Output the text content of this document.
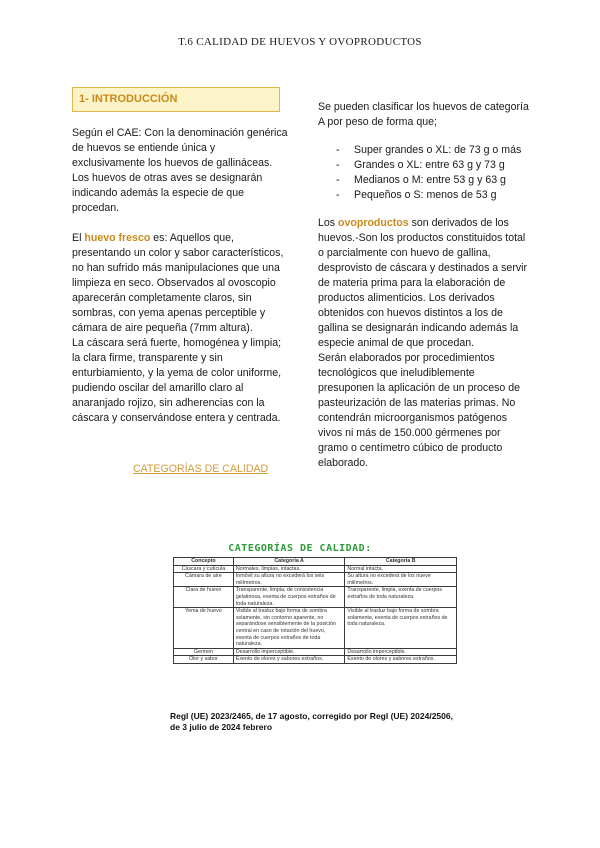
T.6 CALIDAD DE HUEVOS Y OVOPRODUCTOS
1- INTRODUCCIÓN

Según el CAE: Con la denominación genérica de huevos se entiende única y exclusivamente los huevos de gallináceas. Los huevos de otras aves se designarán indicando además la especie de que procedan.

El huevo fresco es: Aquellos que, presentando un color y sabor característicos, no han sufrido más manipulaciones que una limpieza en seco. Observados al ovoscopio aparecerán completamente claros, sin sombras, con yema apenas perceptible y cámara de aire pequeña (7mm altura).

La cáscara será fuerte, homogénea y limpia; la clara firme, transparente y sin enturbiamiento, y la yema de color uniforme, pudiendo oscilar del amarillo claro al anaranjado rojizo, sin adherencias con la cáscara y conservándose entera y centrada.

CATEGORÍAS DE CALIDAD

Se pueden clasificar los huevos de categoría A por peso de forma que;

- Super grandes o XL: de 73 g o más
- Grandes o XL: entre 63 g y 73 g
- Medianos o M: entre 53 g y 63 g
- Pequeños o S: menos de 53 g

Los ovoproductos son derivados de los huevos.-Son los productos constituidos total o parcialmente con huevo de gallina, desprovisto de cáscara y destinados a servir de materia prima para la elaboración de productos alimenticios. Los derivados obtenidos con huevos distintos a los de gallina se designarán indicando además la especie animal de que procedan.

Serán elaborados por procedimientos tecnológicos que ineludiblemente presuponen la aplicación de un proceso de pasteurización de las materias primas. No contendrán microorganismos patógenos vivos ni más de 150.000 gérmenes por gramo o centímetro cúbico de producto elaborado.

CATEGORÍAS DE CALIDAD:
Concepto	Categoría A	Categoría B
Cáscara y cutícula	Normales, limpias, intactas.	Normal intacta.
Cámara de aire	Inmóvil su altura no excederá los seis milímetros.	Su altura no excederá de los nueve milímetros.
Clara de huevo	Transparente, limpia, de consistencia gelatinosa, exenta de cuerpos extraños de toda naturaleza.	Transparente, limpia, exenta de cuerpos extraños de toda naturaleza.
Yema de huevo	Visible al trasluz bajo forma de sombra solamente, sin contorno aparente, no separándose sensiblemente de la posición central en caso de rotación del huevo, exenta de cuerpos extraños de toda naturaleza.	Visible al trasluz bajo forma de sombra solamente, exenta de cuerpos extraños de toda naturaleza.
Germen	Desarrollo imperceptible.	Desarrollo imperceptible.
Olor y sabor	Exento de olores y sabores extraños.	Exento de olores y sabores extraños.
Regl (UE) 2023/2465, de 17 agosto, corregido por Regl (UE) 2024/2506, de 3 julio de 2024 febrero
